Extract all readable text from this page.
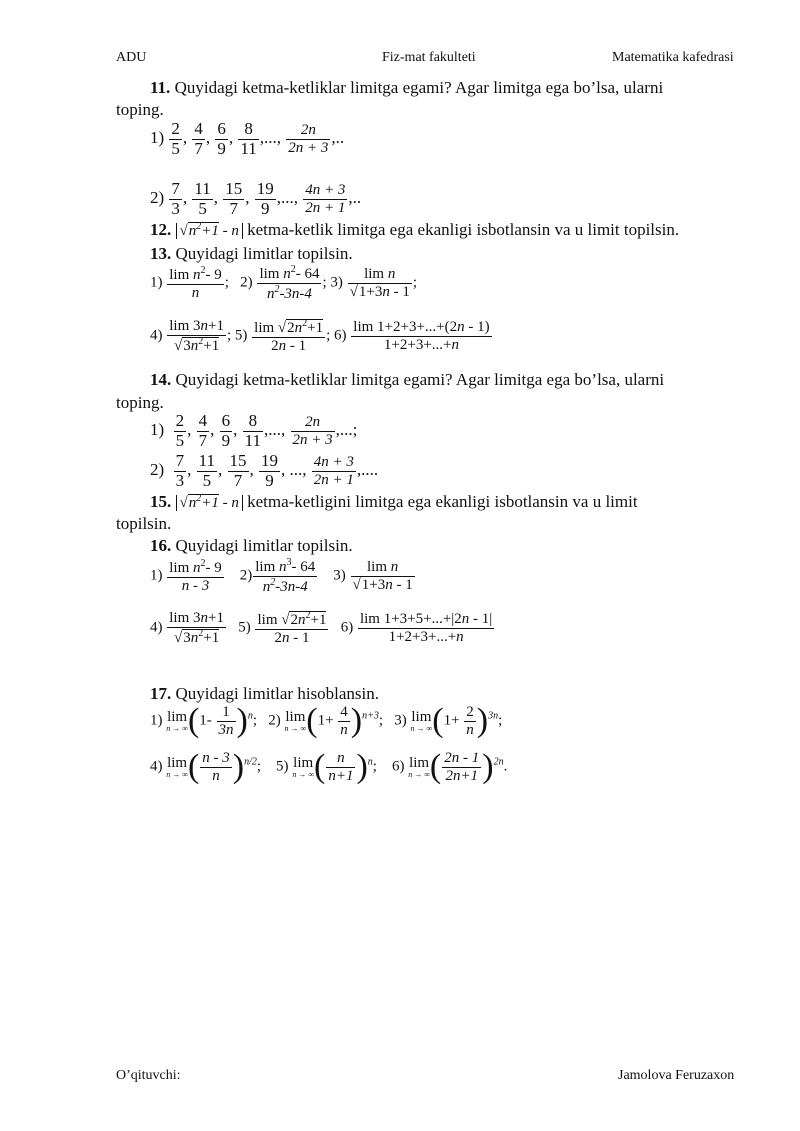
ADU	Fiz-mat fakulteti	Matematika kafedrasi
11. Quyidagi ketma-ketliklar limitga egami? Agar limitga ega bo’lsa, ularni
toping.
$1) \frac{2}{5}$ , $\frac{4}{7}$ , $\frac{6}{9}$ , $\frac{8}{11}$ ,..., $\frac{2n}{2n + 3}$ ,..
$2) \frac{7}{3}$ , $\frac{11}{5}$ , $\frac{15}{7}$ , $\frac{19}{9}$ ,..., $\frac{4n + 3}{2n + 1}$ ,..
12. $√n^2+1 - n$ ketma-ketlik limitga ega ekanligi isbotlansin va u limit topilsin.
13. Quyidagi limitlar topilsin.
$1) \frac{\lim n^2- 9}{n}$ ;   $2) \frac{\lim n^2- 64}{n^2-3n-4}$ ; $3) \frac{\text{lim n}}{√1+3n - 1}$ ;
$4) \frac{\lim 3n+1}{√3n^2+1}$ ; $5) \frac{\lim √2n^2+1}{2n - 1}$ ; $6) \frac{\lim 1+2+3+...+(2n - 1)}{1+2+3+...+n}$
14. Quyidagi ketma-ketliklar limitga egami? Agar limitga ega bo’lsa, ularni
toping.
$1) \frac{2}{5}$ , $\frac{4}{7}$ , $\frac{6}{9}$ , $\frac{8}{11}$ ,..., $\frac{2n}{2n + 3}$ ,...;
$2) \frac{7}{3}$ , $\frac{11}{5}$ , $\frac{15}{7}$ , $\frac{19}{9}$ , ..., $\frac{4n + 3}{2n + 1}$ ,....
15. $√n^2+1 - n$ ketma-ketligini limitga ega ekanligi isbotlansin va u limit
topilsin.
16. Quyidagi limitlar topilsin.
$1) \frac{\lim n^2- 9}{n - 3} 2) \frac{\lim n^3- 64}{n^2-3n-4} 3) \frac{\text{lim n}}{√1+3n - 1}$
$4) \frac{\lim 3n+1}{√3n^2+1} 5) \frac{\lim √2n^2+1}{2n - 1} 6) \frac{\lim 1+3+5+...+|2n - 1|}{1+2+3+...+n}$
17. Quyidagi limitlar hisoblansin.
1) lim
n → ∞ $(1- \frac{1}{3n} )^n$;   2) lim
n → ∞ $(1+ \frac{4}{n} )^{n+3}$;   3) lim
n → ∞ $(1+ \frac{2}{n} )^{3n}$;
4) lim
n → ∞ ( $\frac{n - 3}{n} )^{n/2}$;    5) lim
n → ∞ ( $\frac{n}{n+1} )^n$;    6) lim
n → ∞ ( $\frac{2n - 1}{2n+1} )^{2n}$.
O’qituvchi:	Jamolova Feruzaxon
